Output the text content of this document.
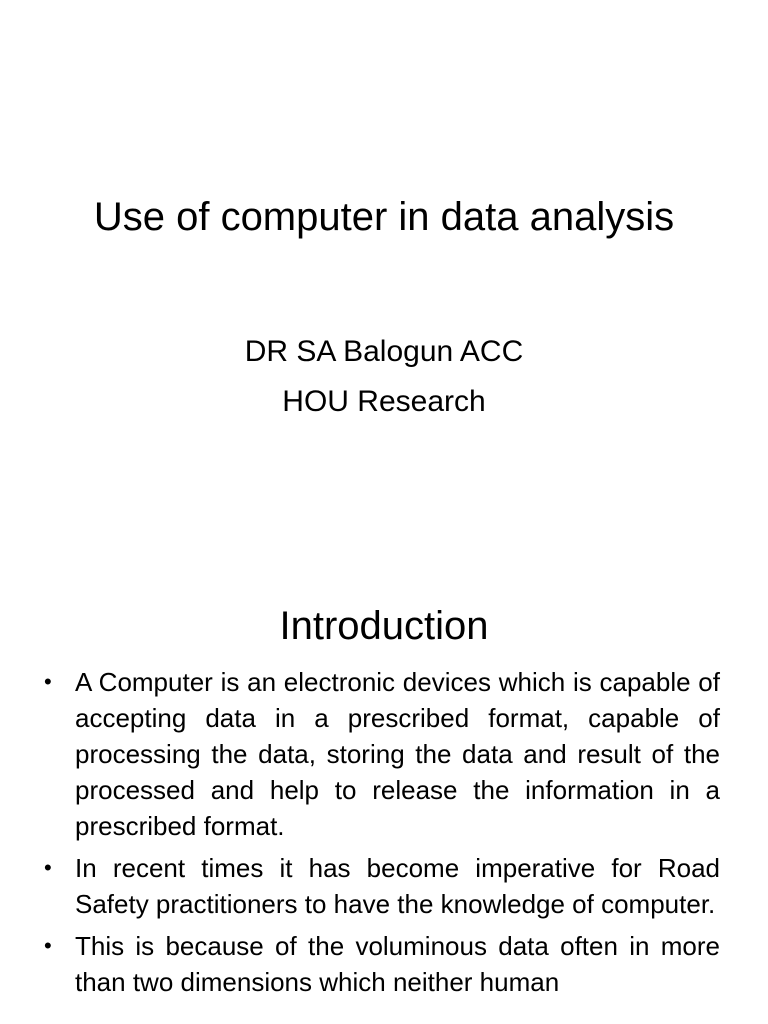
Use of computer in data analysis
DR SA Balogun ACC
HOU Research
Introduction
• A Computer is an electronic devices which is capable of accepting data in a prescribed format, capable of processing the data, storing the data and result of the processed and help to release the information in a prescribed format.
• In recent times it has become imperative for Road Safety practitioners to have the knowledge of computer.
• This is because of the voluminous data often in more than two dimensions which neither human
